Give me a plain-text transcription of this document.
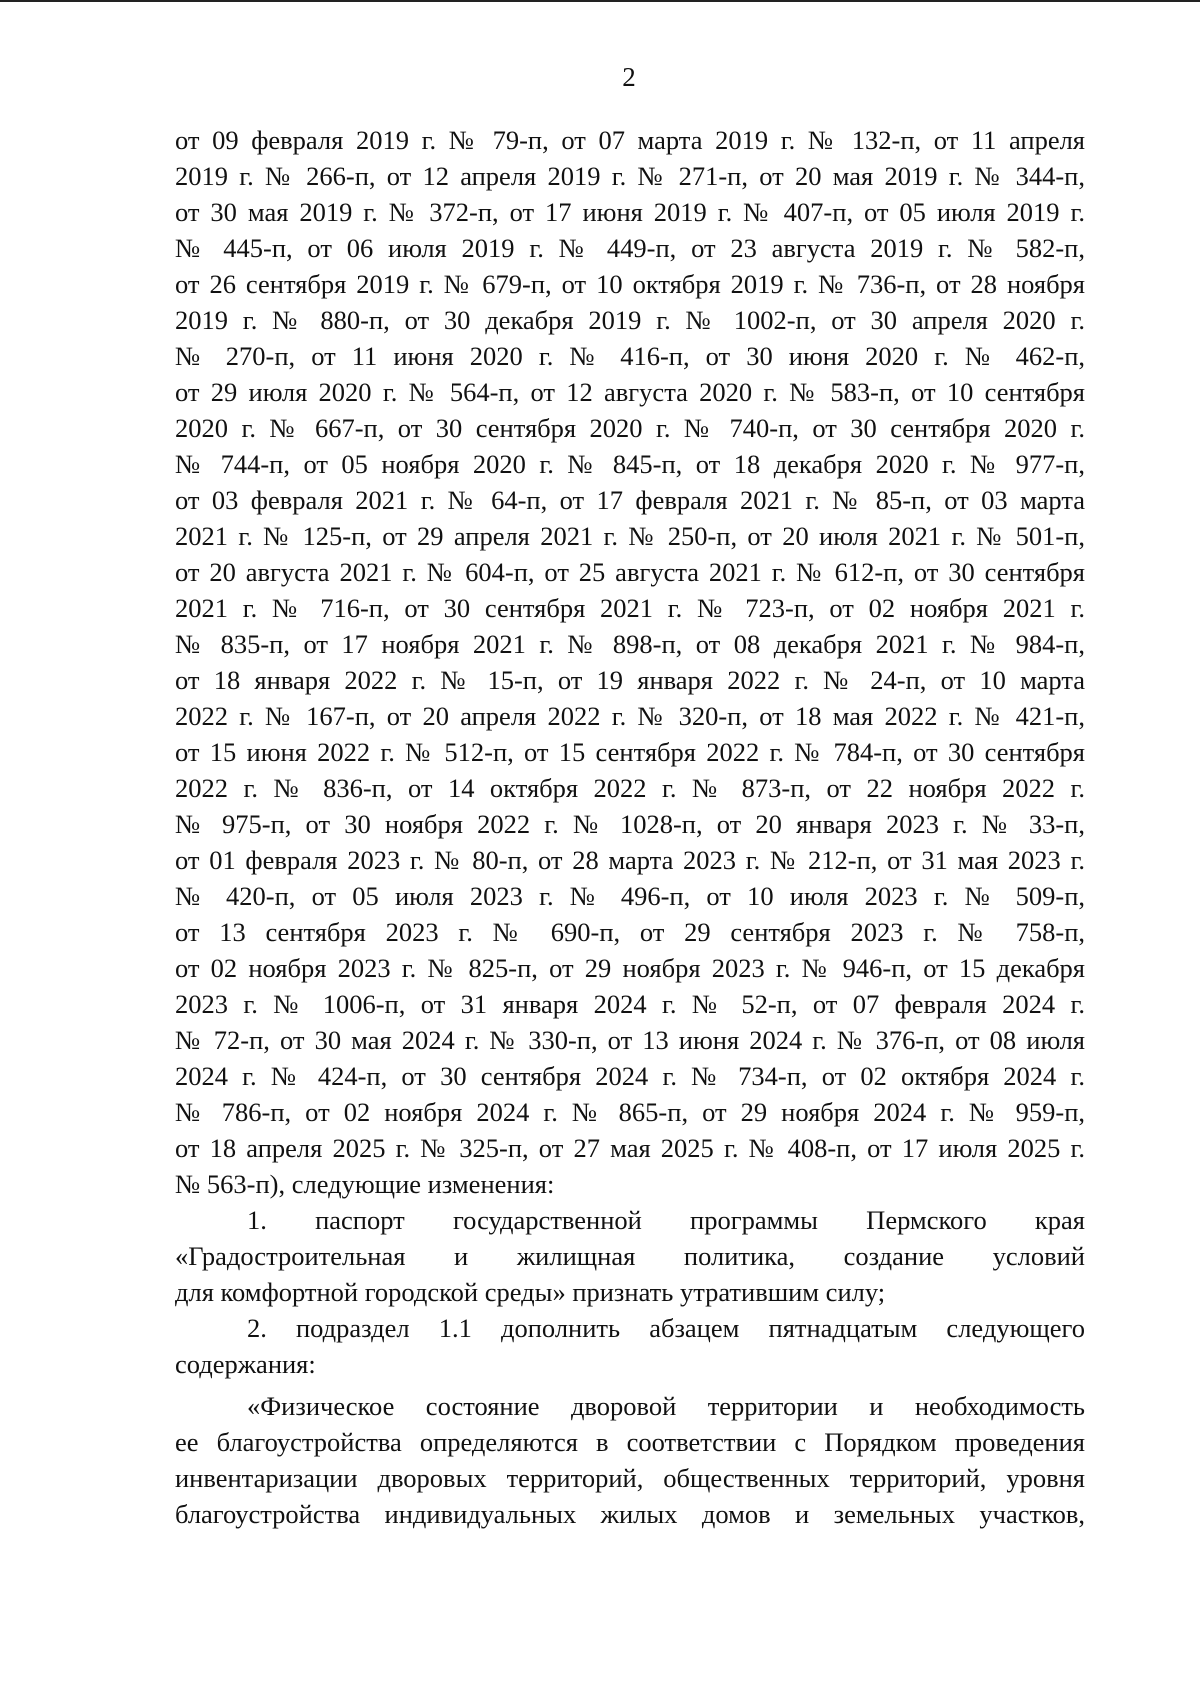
2
от 09 февраля 2019 г. № 79-п, от 07 марта 2019 г. № 132-п, от 11 апреля
2019 г. № 266-п, от 12 апреля 2019 г. № 271-п, от 20 мая 2019 г. № 344-п,
от 30 мая 2019 г. № 372-п, от 17 июня 2019 г. № 407-п, от 05 июля 2019 г.
№ 445-п, от 06 июля 2019 г. № 449-п, от 23 августа 2019 г. № 582-п,
от 26 сентября 2019 г. № 679-п, от 10 октября 2019 г. № 736-п, от 28 ноября
2019 г. № 880-п, от 30 декабря 2019 г. № 1002-п, от 30 апреля 2020 г.
№ 270-п, от 11 июня 2020 г. № 416-п, от 30 июня 2020 г. № 462-п,
от 29 июля 2020 г. № 564-п, от 12 августа 2020 г. № 583-п, от 10 сентября
2020 г. № 667-п, от 30 сентября 2020 г. № 740-п, от 30 сентября 2020 г.
№ 744-п, от 05 ноября 2020 г. № 845-п, от 18 декабря 2020 г. № 977-п,
от 03 февраля 2021 г. № 64-п, от 17 февраля 2021 г. № 85-п, от 03 марта
2021 г. № 125-п, от 29 апреля 2021 г. № 250-п, от 20 июля 2021 г. № 501-п,
от 20 августа 2021 г. № 604-п, от 25 августа 2021 г. № 612-п, от 30 сентября
2021 г. № 716-п, от 30 сентября 2021 г. № 723-п, от 02 ноября 2021 г.
№ 835-п, от 17 ноября 2021 г. № 898-п, от 08 декабря 2021 г. № 984-п,
от 18 января 2022 г. № 15-п, от 19 января 2022 г. № 24-п, от 10 марта
2022 г. № 167-п, от 20 апреля 2022 г. № 320-п, от 18 мая 2022 г. № 421-п,
от 15 июня 2022 г. № 512-п, от 15 сентября 2022 г. № 784-п, от 30 сентября
2022 г. № 836-п, от 14 октября 2022 г. № 873-п, от 22 ноября 2022 г.
№ 975-п, от 30 ноября 2022 г. № 1028-п, от 20 января 2023 г. № 33-п,
от 01 февраля 2023 г. № 80-п, от 28 марта 2023 г. № 212-п, от 31 мая 2023 г.
№ 420-п, от 05 июля 2023 г. № 496-п, от 10 июля 2023 г. № 509-п,
от 13 сентября 2023 г. № 690-п, от 29 сентября 2023 г. № 758-п,
от 02 ноября 2023 г. № 825-п, от 29 ноября 2023 г. № 946-п, от 15 декабря
2023 г. № 1006-п, от 31 января 2024 г. № 52-п, от 07 февраля 2024 г.
№ 72-п, от 30 мая 2024 г. № 330-п, от 13 июня 2024 г. № 376-п, от 08 июля
2024 г. № 424-п, от 30 сентября 2024 г. № 734-п, от 02 октября 2024 г.
№ 786-п, от 02 ноября 2024 г. № 865-п, от 29 ноября 2024 г. № 959-п,
от 18 апреля 2025 г. № 325-п, от 27 мая 2025 г. № 408-п, от 17 июля 2025 г.
№ 563-п), следующие изменения:
1. паспорт государственной программы Пермского края
«Градостроительная и жилищная политика, создание условий
для комфортной городской среды» признать утратившим силу;
2. подраздел 1.1 дополнить абзацем пятнадцатым следующего
содержания:
«Физическое состояние дворовой территории и необходимость
ее благоустройства определяются в соответствии с Порядком проведения
инвентаризации дворовых территорий, общественных территорий, уровня
благоустройства индивидуальных жилых домов и земельных участков,
